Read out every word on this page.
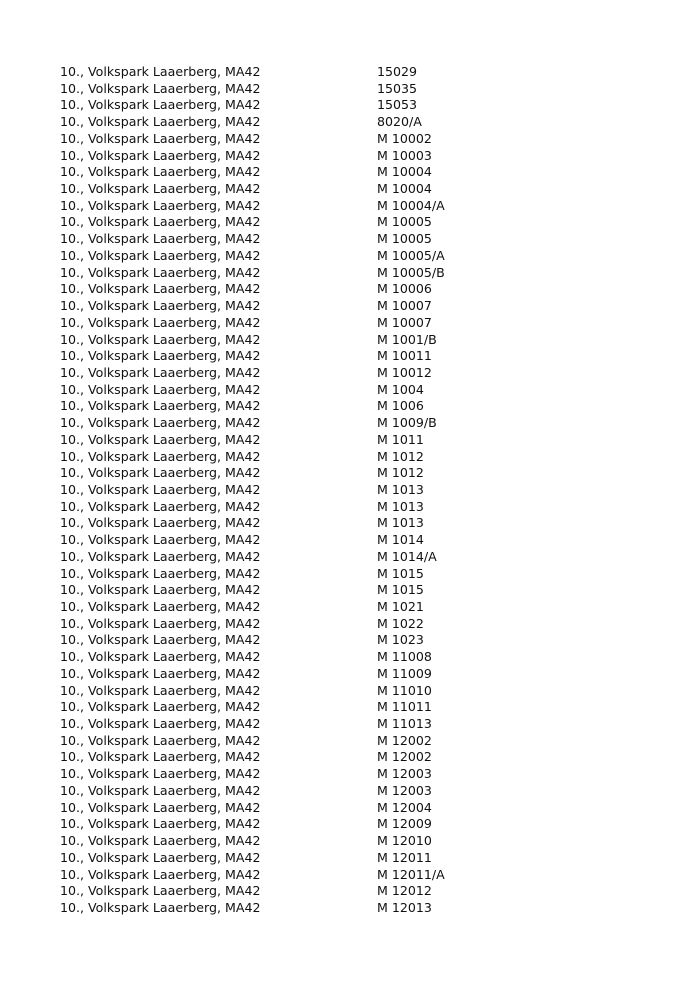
10., Volkspark Laaerberg, MA42	15029
10., Volkspark Laaerberg, MA42	15035
10., Volkspark Laaerberg, MA42	15053
10., Volkspark Laaerberg, MA42	8020/A
10., Volkspark Laaerberg, MA42	M 10002
10., Volkspark Laaerberg, MA42	M 10003
10., Volkspark Laaerberg, MA42	M 10004
10., Volkspark Laaerberg, MA42	M 10004
10., Volkspark Laaerberg, MA42	M 10004/A
10., Volkspark Laaerberg, MA42	M 10005
10., Volkspark Laaerberg, MA42	M 10005
10., Volkspark Laaerberg, MA42	M 10005/A
10., Volkspark Laaerberg, MA42	M 10005/B
10., Volkspark Laaerberg, MA42	M 10006
10., Volkspark Laaerberg, MA42	M 10007
10., Volkspark Laaerberg, MA42	M 10007
10., Volkspark Laaerberg, MA42	M 1001/B
10., Volkspark Laaerberg, MA42	M 10011
10., Volkspark Laaerberg, MA42	M 10012
10., Volkspark Laaerberg, MA42	M 1004
10., Volkspark Laaerberg, MA42	M 1006
10., Volkspark Laaerberg, MA42	M 1009/B
10., Volkspark Laaerberg, MA42	M 1011
10., Volkspark Laaerberg, MA42	M 1012
10., Volkspark Laaerberg, MA42	M 1012
10., Volkspark Laaerberg, MA42	M 1013
10., Volkspark Laaerberg, MA42	M 1013
10., Volkspark Laaerberg, MA42	M 1013
10., Volkspark Laaerberg, MA42	M 1014
10., Volkspark Laaerberg, MA42	M 1014/A
10., Volkspark Laaerberg, MA42	M 1015
10., Volkspark Laaerberg, MA42	M 1015
10., Volkspark Laaerberg, MA42	M 1021
10., Volkspark Laaerberg, MA42	M 1022
10., Volkspark Laaerberg, MA42	M 1023
10., Volkspark Laaerberg, MA42	M 11008
10., Volkspark Laaerberg, MA42	M 11009
10., Volkspark Laaerberg, MA42	M 11010
10., Volkspark Laaerberg, MA42	M 11011
10., Volkspark Laaerberg, MA42	M 11013
10., Volkspark Laaerberg, MA42	M 12002
10., Volkspark Laaerberg, MA42	M 12002
10., Volkspark Laaerberg, MA42	M 12003
10., Volkspark Laaerberg, MA42	M 12003
10., Volkspark Laaerberg, MA42	M 12004
10., Volkspark Laaerberg, MA42	M 12009
10., Volkspark Laaerberg, MA42	M 12010
10., Volkspark Laaerberg, MA42	M 12011
10., Volkspark Laaerberg, MA42	M 12011/A
10., Volkspark Laaerberg, MA42	M 12012
10., Volkspark Laaerberg, MA42	M 12013
